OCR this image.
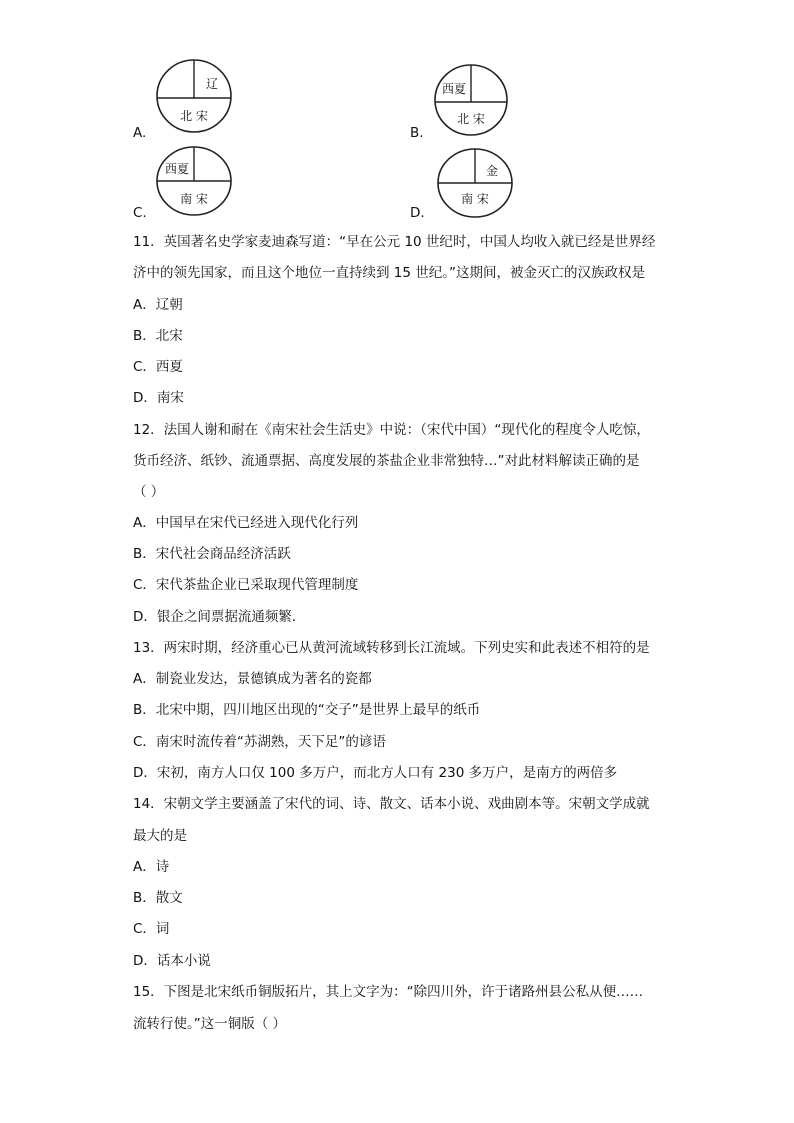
A.
辽
北 宋
B.
西夏
北 宋
C.
西夏
南 宋
D.
金
南 宋
11．英国著名史学家麦迪森写道：“早在公元 10 世纪时，中国人均收入就已经是世界经
济中的领先国家，而且这个地位一直持续到 15 世纪。”这期间，被金灭亡的汉族政权是
A．辽朝
B．北宋
C．西夏
D．南宋
12．法国人谢和耐在《南宋社会生活史》中说：（宋代中国）“现代化的程度令人吃惊，
货币经济、纸钞、流通票据、高度发展的茶盐企业非常独特…”对此材料解读正确的是
（ ）
A．中国早在宋代已经进入现代化行列
B．宋代社会商品经济活跃
C．宋代茶盐企业已采取现代管理制度
D．银企之间票据流通频繁．
13．两宋时期，经济重心已从黄河流域转移到长江流域。下列史实和此表述不相符的是
A．制瓷业发达，景德镇成为著名的瓷都
B．北宋中期，四川地区出现的“交子”是世界上最早的纸币
C．南宋时流传着“苏湖熟，天下足”的谚语
D．宋初，南方人口仅 100 多万户，而北方人口有 230 多万户，是南方的两倍多
14．宋朝文学主要涵盖了宋代的词、诗、散文、话本小说、戏曲剧本等。宋朝文学成就
最大的是
A．诗
B．散文
C．词
D．话本小说
15．下图是北宋纸币铜版拓片，其上文字为：“除四川外，许于诸路州县公私从便……
流转行使。”这一铜版（ ）
